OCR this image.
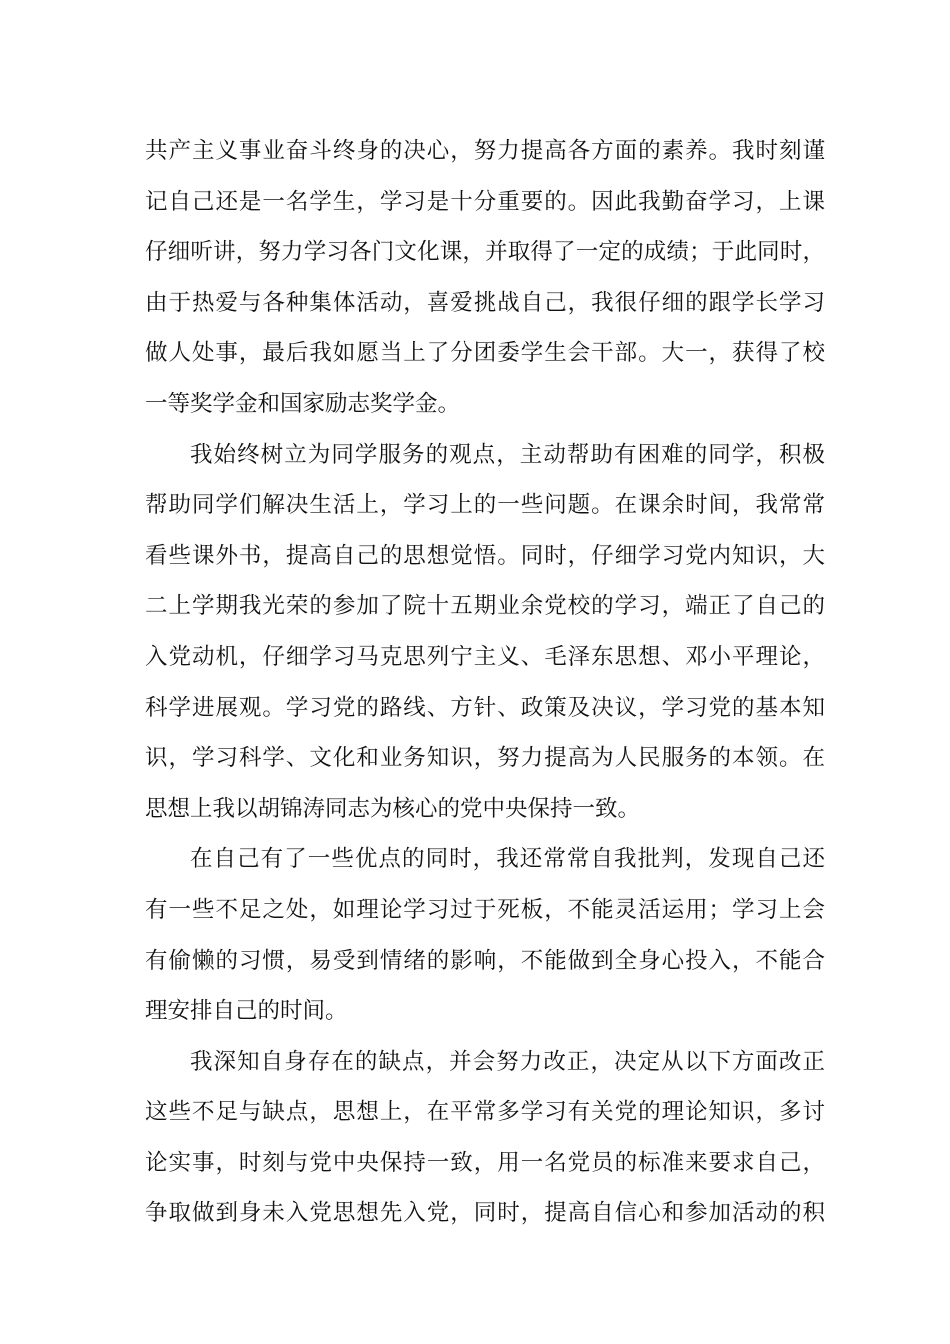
共产主义事业奋斗终身的决心，努力提高各方面的素养。我时刻谨
记自己还是一名学生，学习是十分重要的。因此我勤奋学习，上课
仔细听讲，努力学习各门文化课，并取得了一定的成绩；于此同时，
由于热爱与各种集体活动，喜爱挑战自己，我很仔细的跟学长学习
做人处事，最后我如愿当上了分团委学生会干部。大一，获得了校
一等奖学金和国家励志奖学金。
我始终树立为同学服务的观点，主动帮助有困难的同学，积极
帮助同学们解决生活上，学习上的一些问题。在课余时间，我常常
看些课外书，提高自己的思想觉悟。同时，仔细学习党内知识，大
二上学期我光荣的参加了院十五期业余党校的学习，端正了自己的
入党动机，仔细学习马克思列宁主义、毛泽东思想、邓小平理论，
科学进展观。学习党的路线、方针、政策及决议，学习党的基本知
识，学习科学、文化和业务知识，努力提高为人民服务的本领。在
思想上我以胡锦涛同志为核心的党中央保持一致。
在自己有了一些优点的同时，我还常常自我批判，发现自己还
有一些不足之处，如理论学习过于死板，不能灵活运用；学习上会
有偷懒的习惯，易受到情绪的影响，不能做到全身心投入，不能合
理安排自己的时间。
我深知自身存在的缺点，并会努力改正，决定从以下方面改正
这些不足与缺点，思想上，在平常多学习有关党的理论知识，多讨
论实事，时刻与党中央保持一致，用一名党员的标准来要求自己，
争取做到身未入党思想先入党，同时，提高自信心和参加活动的积
